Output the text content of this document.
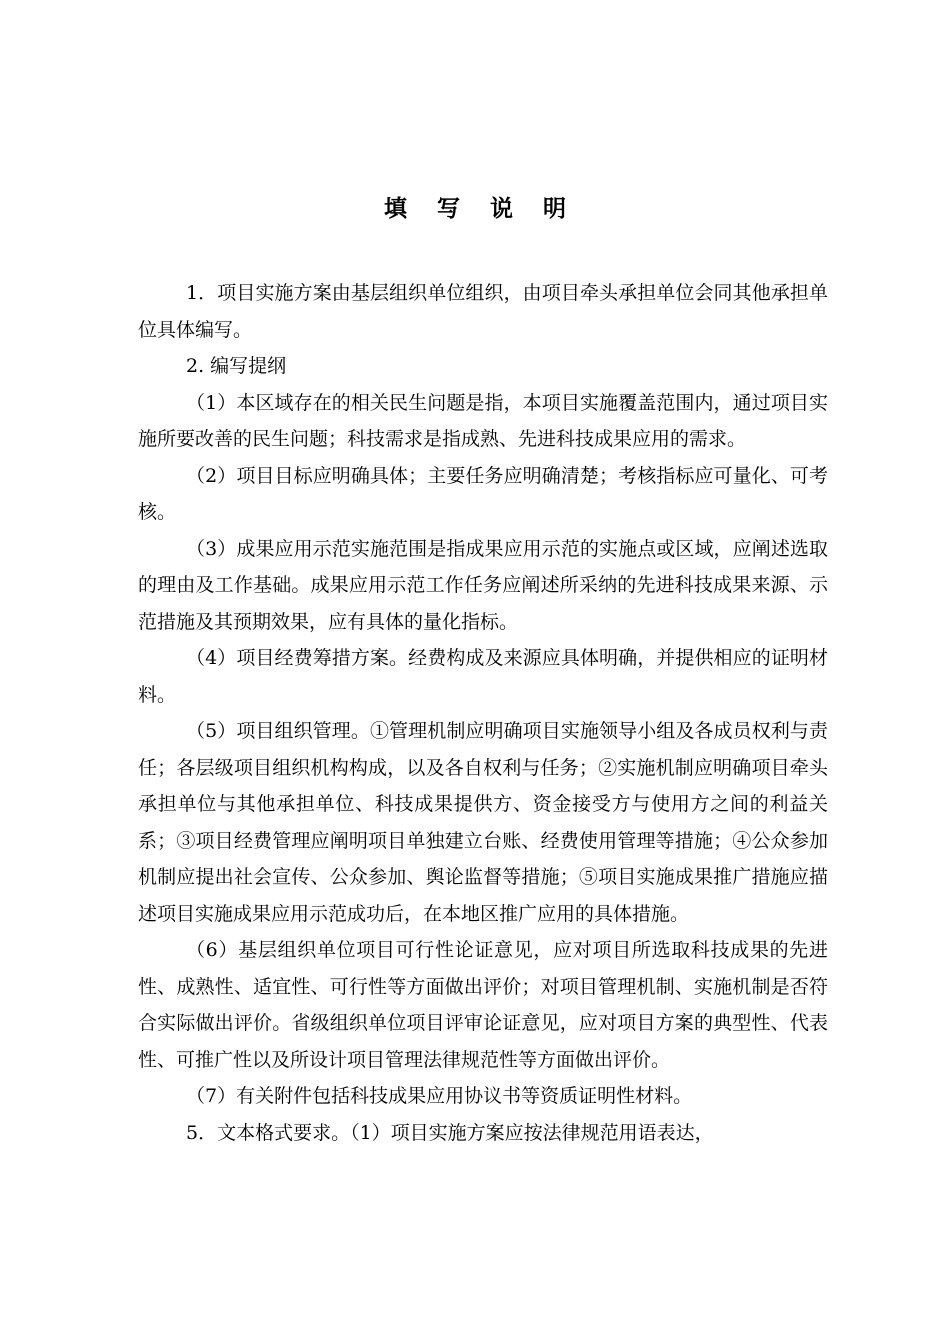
填写说明

1．项目实施方案由基层组织单位组织，由项目牵头承担单位会同其他承担单位具体编写。

2. 编写提纲

（1）本区域存在的相关民生问题是指，本项目实施覆盖范围内，通过项目实施所要改善的民生问题；科技需求是指成熟、先进科技成果应用的需求。

（2）项目目标应明确具体；主要任务应明确清楚；考核指标应可量化、可考核。

（3）成果应用示范实施范围是指成果应用示范的实施点或区域，应阐述选取的理由及工作基础。成果应用示范工作任务应阐述所采纳的先进科技成果来源、示范措施及其预期效果，应有具体的量化指标。

（4）项目经费筹措方案。经费构成及来源应具体明确，并提供相应的证明材料。

（5）项目组织管理。①管理机制应明确项目实施领导小组及各成员权利与责任；各层级项目组织机构构成，以及各自权利与任务；②实施机制应明确项目牵头承担单位与其他承担单位、科技成果提供方、资金接受方与使用方之间的利益关系；③项目经费管理应阐明项目单独建立台账、经费使用管理等措施；④公众参加机制应提出社会宣传、公众参加、舆论监督等措施；⑤项目实施成果推广措施应描述项目实施成果应用示范成功后，在本地区推广应用的具体措施。

（6）基层组织单位项目可行性论证意见，应对项目所选取科技成果的先进性、成熟性、适宜性、可行性等方面做出评价；对项目管理机制、实施机制是否符合实际做出评价。省级组织单位项目评审论证意见，应对项目方案的典型性、代表性、可推广性以及所设计项目管理法律规范性等方面做出评价。

（7）有关附件包括科技成果应用协议书等资质证明性材料。

5．文本格式要求。（1）项目实施方案应按法律规范用语表达，
